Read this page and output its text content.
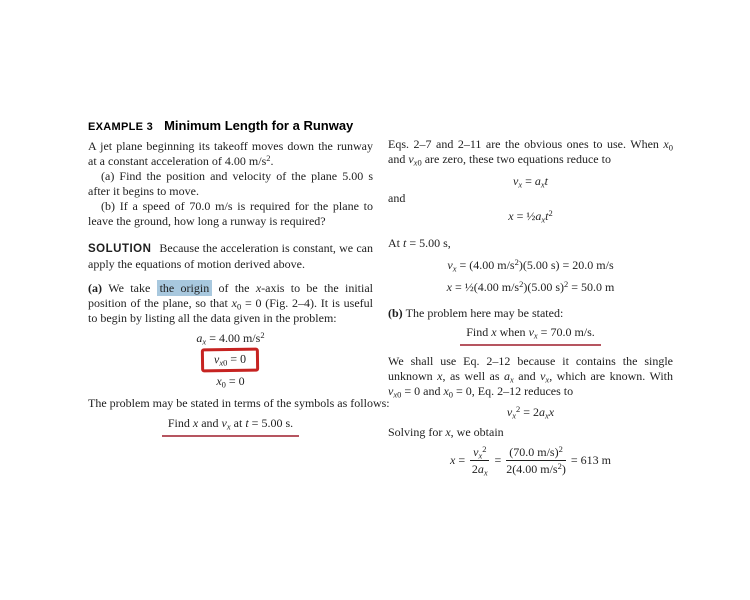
EXAMPLE 3 Minimum Length for a Runway

A jet plane beginning its takeoff moves down the runway at a constant acceleration of 4.00 $m/s^2$.

(a) Find the position and velocity of the plane 5.00 s after it begins to move.

(b) If a speed of 70.0 m/s is required for the plane to leave the ground, how long a runway is required?

SOLUTION Because the acceleration is constant, we can apply the equations of motion derived above.

(a) We take the origin of the x-axis to be the initial position of the plane, so that $x_0 = 0$ (Fig. 2–4). It is useful to begin by listing all the data given in the problem:

$a_x = 4.00$ $m/s^2$
$v_{x0} = 0$
$x_0 = 0$

The problem may be stated in terms of the symbols as follows:

Find x and $v_x$ at t = 5.00 s.

Eqs. 2–7 and 2–11 are the obvious ones to use. When $x_0$ and $v_{x0}$ are zero, these two equations reduce to

$v_x = a_xt$

and

$x = \frac{1}{2}a_xt^2$

At t = 5.00 s,

$v_x = (4.00$ $m/s^2)(5.00$ s) = 20.0 m/s
x = ½(4.00 $m/s^2)(5.00$ s)$^2$ = 50.0 m

(b) The problem here may be stated:

Find x when $v_x = 70.0$ m/s.

We shall use Eq. 2–12 because it contains the single unknown x, as well as $a_x$ and $v_x$, which are known. With $v_{x0} = 0$ and $x_0 = 0$, Eq. 2–12 reduces to

$v_x^2 = 2a_xx$

Solving for x, we obtain

$x = \frac{v_x^2}{2a_x} = \frac{(70.0 m/s)^2}{2(4.00 m/s^2)} = 613$ m
